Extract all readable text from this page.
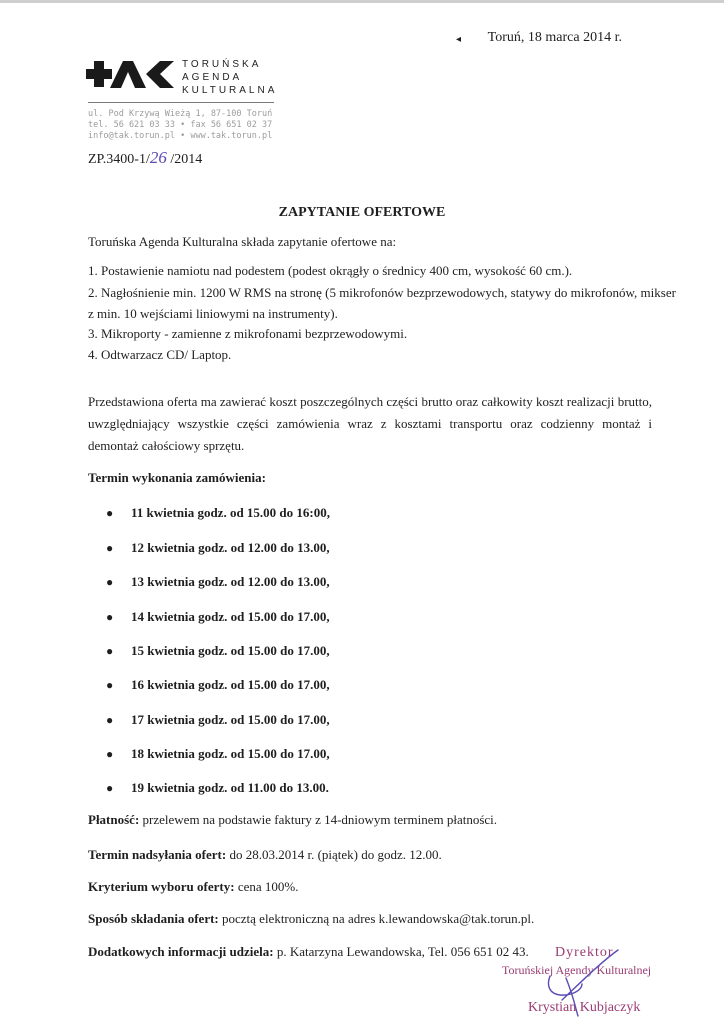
◂ Toruń, 18 marca 2014 r.
TORUŃSKA
AGENDA
KULTURALNA
ul. Pod Krzywą Wieżą 1, 87-100 Toruń
tel. 56 621 03 33 • fax 56 651 02 37
info@tak.torun.pl • www.tak.torun.pl
ZP.3400-1/26 /2014
ZAPYTANIE OFERTOWE
Toruńska Agenda Kulturalna składa zapytanie ofertowe na:
1. Postawienie namiotu nad podestem (podest okrągły o średnicy 400 cm, wysokość 60 cm.).
2. Nagłośnienie min. 1200 W RMS na stronę (5 mikrofonów bezprzewodowych, statywy do mikrofonów, mikser
z min. 10 wejściami liniowymi na instrumenty).
3. Mikroporty - zamienne z mikrofonami bezprzewodowymi.
4. Odtwarzacz CD/ Laptop.
Przedstawiona oferta ma zawierać koszt poszczególnych części brutto oraz całkowity koszt realizacji brutto, uwzględniający wszystkie części zamówienia wraz z kosztami transportu oraz codzienny montaż i demontaż całościowy sprzętu.
Termin wykonania zamówienia:
● 11 kwietnia godz. od 15.00 do 16:00,
● 12 kwietnia godz. od 12.00 do 13.00,
● 13 kwietnia godz. od 12.00 do 13.00,
● 14 kwietnia godz. od 15.00 do 17.00,
● 15 kwietnia godz. od 15.00 do 17.00,
● 16 kwietnia godz. od 15.00 do 17.00,
● 17 kwietnia godz. od 15.00 do 17.00,
● 18 kwietnia godz. od 15.00 do 17.00,
● 19 kwietnia godz. od 11.00 do 13.00.
Płatność: przelewem na podstawie faktury z 14-dniowym terminem płatności.
Termin nadsyłania ofert: do 28.03.2014 r. (piątek) do godz. 12.00.
Kryterium wyboru oferty: cena 100%.
Sposób składania ofert: pocztą elektroniczną na adres k.lewandowska@tak.torun.pl.
Dodatkowych informacji udziela: p. Katarzyna Lewandowska, Tel. 056 651 02 43. Dyrektor
Toruńskiej Agendy Kulturalnej
Krystian Kubjaczyk
